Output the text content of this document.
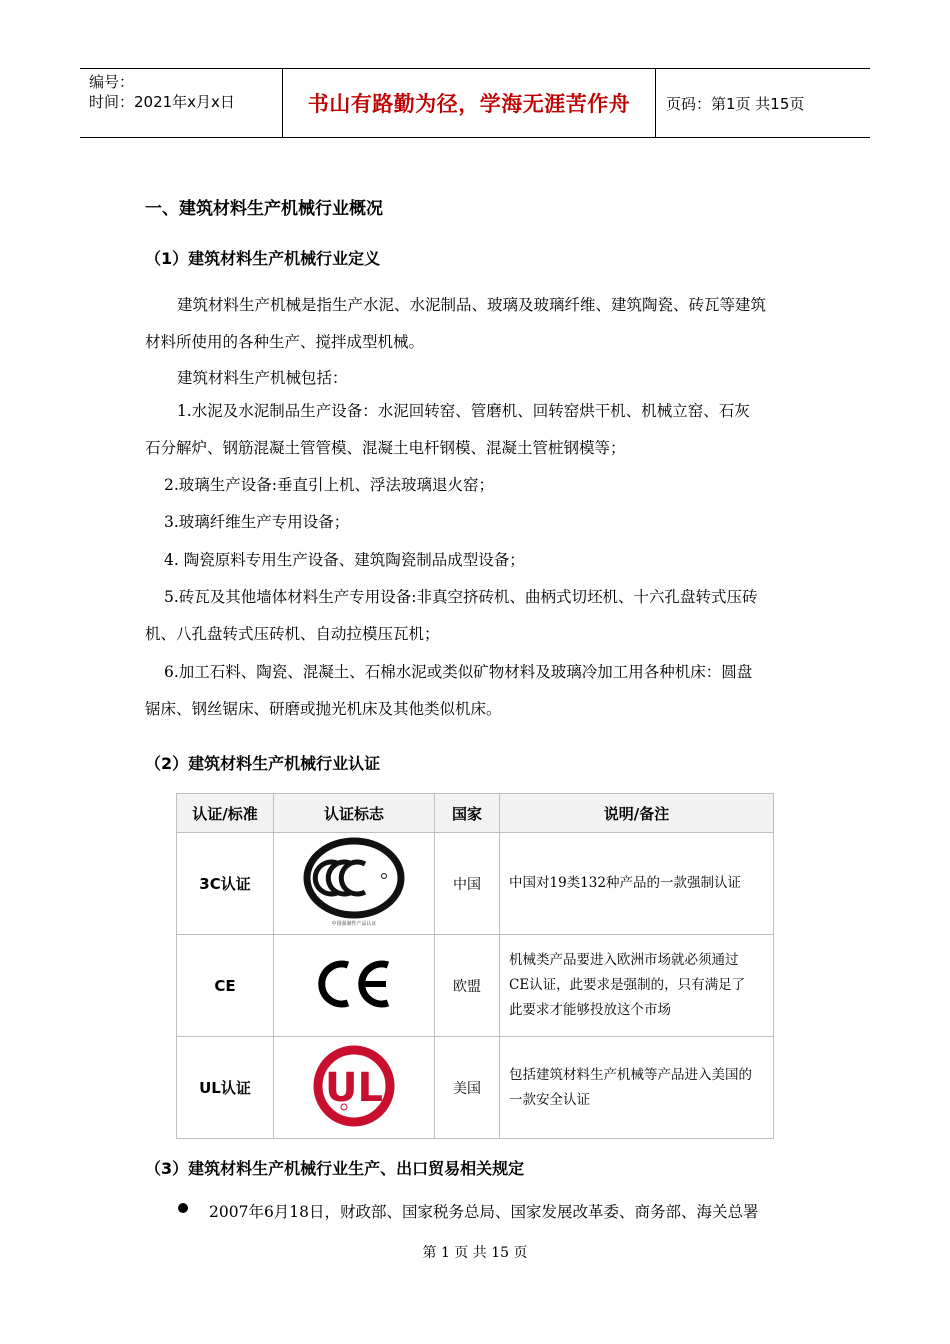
编号：
时间：2021年x月x日	书山有路勤为径，学海无涯苦作舟	页码：第1页 共15页
一、建筑材料生产机械行业概况
（1）建筑材料生产机械行业定义
建筑材料生产机械是指生产水泥、水泥制品、玻璃及玻璃纤维、建筑陶瓷、砖瓦等建筑
材料所使用的各种生产、搅拌成型机械。
建筑材料生产机械包括：
1.水泥及水泥制品生产设备：水泥回转窑、管磨机、回转窑烘干机、机械立窑、石灰
石分解炉、钢筋混凝土管管模、混凝土电杆钢模、混凝土管桩钢模等；
2.玻璃生产设备:垂直引上机、浮法玻璃退火窑；
3.玻璃纤维生产专用设备；
4. 陶瓷原料专用生产设备、建筑陶瓷制品成型设备；
5.砖瓦及其他墙体材料生产专用设备:非真空挤砖机、曲柄式切坯机、十六孔盘转式压砖
机、八孔盘转式压砖机、自动拉模压瓦机；
6.加工石料、陶瓷、混凝土、石棉水泥或类似矿物材料及玻璃冷加工用各种机床：圆盘
锯床、钢丝锯床、研磨或抛光机床及其他类似机床。
（2）建筑材料生产机械行业认证
（3）建筑材料生产机械行业生产、出口贸易相关规定
2007年6月18日，财政部、国家税务总局、国家发展改革委、商务部、海关总署
认证/标准	认证标志	国家	说明/备注
3C认证	中国强制性产品认证	中国	中国对19类132种产品的一款强制认证

CE		欧盟	机械类产品要进入欧洲市场就必须通过
CE认证，此要求是强制的，只有满足了
此要求才能够投放这个市场

UL认证	UL	美国	包括建筑材料生产机械等产品进入美国的
一款安全认证
第 1 页 共 15 页
